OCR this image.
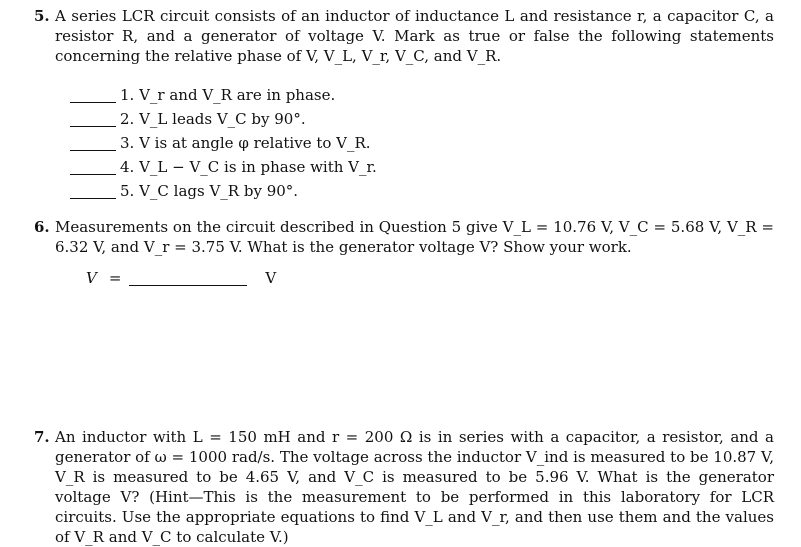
5. A series LCR circuit consists of an inductor of inductance L and resistance r, a capacitor C, a resistor R, and a generator of voltage V. Mark as true or false the following statements concerning the relative phase of V, V_L, V_r, V_C, and V_R.
1. V_r and V_R are in phase.
2. V_L leads V_C by 90°.
3. V is at angle φ relative to V_R.
4. V_L − V_C is in phase with V_r.
5. V_C lags V_R by 90°.
6. Measurements on the circuit described in Question 5 give V_L = 10.76 V, V_C = 5.68 V, V_R = 6.32 V, and V_r = 3.75 V. What is the generator voltage V? Show your work.
V =	V
7. An inductor with L = 150 mH and r = 200 Ω is in series with a capacitor, a resistor, and a generator of ω = 1000 rad/s. The voltage across the inductor V_ind is measured to be 10.87 V, V_R is measured to be 4.65 V, and V_C is measured to be 5.96 V. What is the generator voltage V? (Hint—This is the measurement to be performed in this laboratory for LCR circuits. Use the appropriate equations to find V_L and V_r, and then use them and the values of V_R and V_C to calculate V.)
